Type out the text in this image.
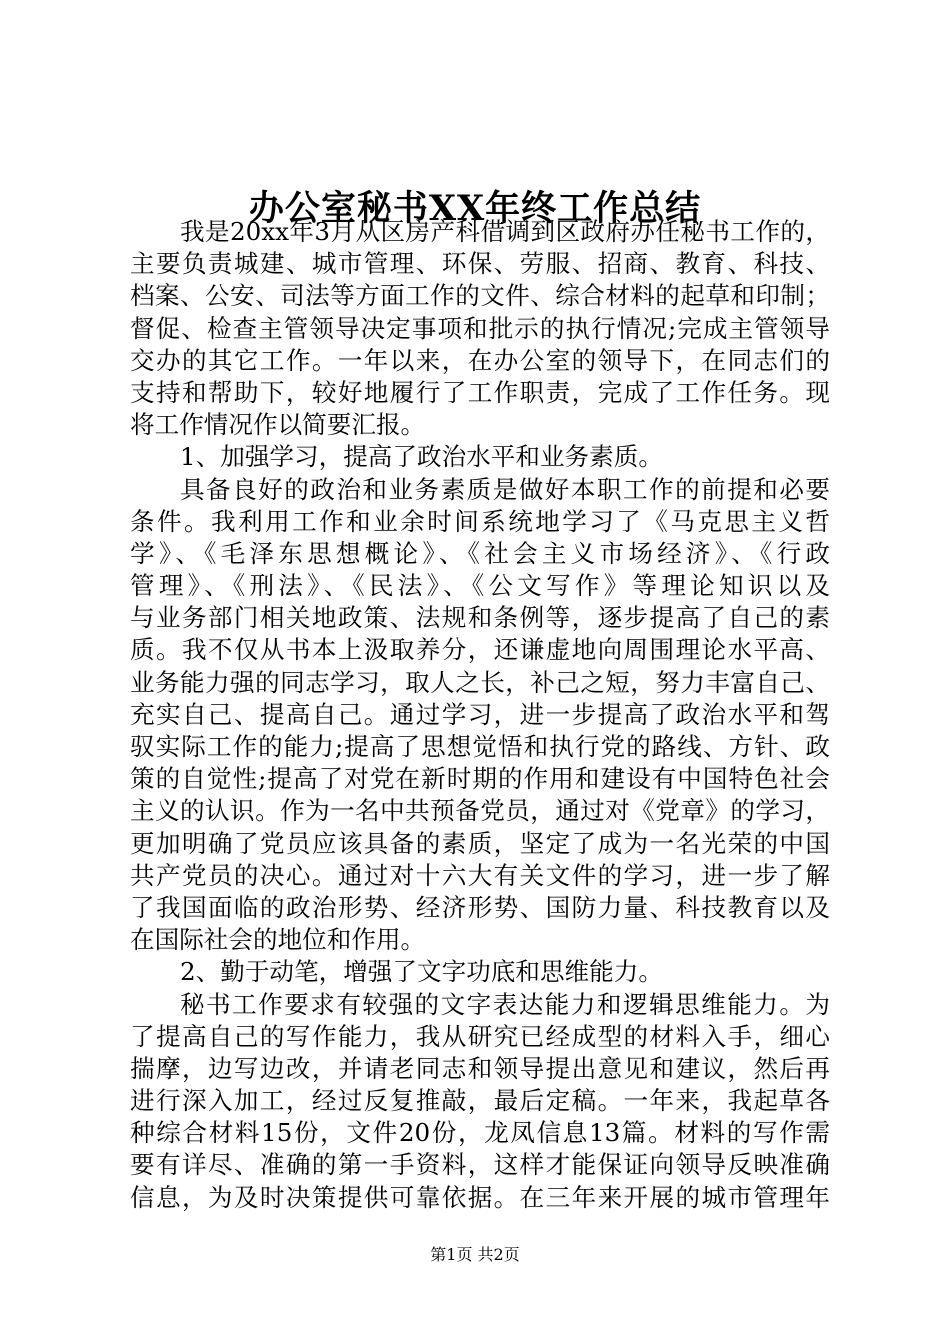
办公室秘书XX年终工作总结
我是20xx年3月从区房产科借调到区政府办任秘书工作的，
主要负责城建、城市管理、环保、劳服、招商、教育、科技、
档案、公安、司法等方面工作的文件、综合材料的起草和印制；
督促、检查主管领导决定事项和批示的执行情况;完成主管领导
交办的其它工作。一年以来，在办公室的领导下，在同志们的
支持和帮助下，较好地履行了工作职责，完成了工作任务。现
将工作情况作以简要汇报。
1、加强学习，提高了政治水平和业务素质。
具备良好的政治和业务素质是做好本职工作的前提和必要
条件。我利用工作和业余时间系统地学习了《马克思主义哲
学》、《毛泽东思想概论》、《社会主义市场经济》、《行政
管理》、《刑法》、《民法》、《公文写作》等理论知识以及
与业务部门相关地政策、法规和条例等，逐步提高了自己的素
质。我不仅从书本上汲取养分，还谦虚地向周围理论水平高、
业务能力强的同志学习，取人之长，补己之短，努力丰富自己、
充实自己、提高自己。通过学习，进一步提高了政治水平和驾
驭实际工作的能力;提高了思想觉悟和执行党的路线、方针、政
策的自觉性;提高了对党在新时期的作用和建设有中国特色社会
主义的认识。作为一名中共预备党员，通过对《党章》的学习，
更加明确了党员应该具备的素质，坚定了成为一名光荣的中国
共产党员的决心。通过对十六大有关文件的学习，进一步了解
了我国面临的政治形势、经济形势、国防力量、科技教育以及
在国际社会的地位和作用。
2、勤于动笔，增强了文字功底和思维能力。
秘书工作要求有较强的文字表达能力和逻辑思维能力。为
了提高自己的写作能力，我从研究已经成型的材料入手，细心
揣摩，边写边改，并请老同志和领导提出意见和建议，然后再
进行深入加工，经过反复推敲，最后定稿。一年来，我起草各
种综合材料15份，文件20份，龙凤信息13篇。材料的写作需
要有详尽、准确的第一手资料，这样才能保证向领导反映准确
信息，为及时决策提供可靠依据。在三年来开展的城市管理年
第1页 共2页
